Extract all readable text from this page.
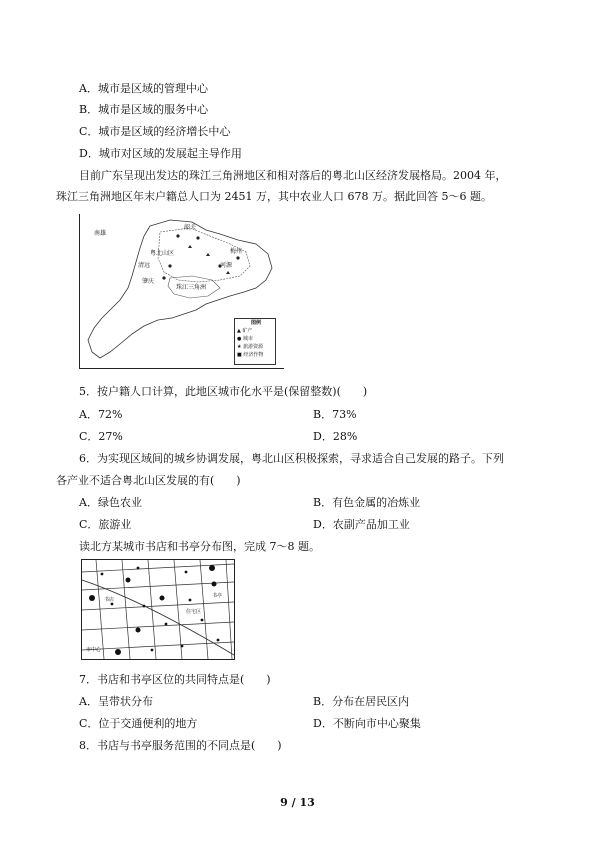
A．城市是区域的管理中心
B．城市是区域的服务中心
C．城市是区域的经济增长中心
D．城市对区域的发展起主导作用
目前广东呈现出发达的珠江三角洲地区和相对落后的粤北山区经济发展格局。2004 年，
珠江三角洲地区年末户籍总人口为 2451 万，其中农业人口 678 万。据此回答 5～6 题。
南雄
韶关
粤北山区	梅州
清远	河源
肇庆
珠江三角洲
图例
▲ 矿产
● 城市
★ 旅游资源
■ 经济作物
5．按户籍人口计算，此地区城市化水平是(保留整数)(　　)
A．72%	B．73%
C．27%	D．28%
6．为实现区域间的城乡协调发展，粤北山区积极探索，寻求适合自己发展的路子。下列
各产业不适合粤北山区发展的有(　　)
A．绿色农业	B．有色金属的冶炼业
C．旅游业	D．农副产品加工业
读北方某城市书店和书亭分布图，完成 7～8 题。
书店
书亭
住宅区
市中心
7．书店和书亭区位的共同特点是(　　)
A．呈带状分布	B．分布在居民区内
C．位于交通便利的地方	D．不断向市中心聚集
8．书店与书亭服务范围的不同点是(　　)
9 / 13
